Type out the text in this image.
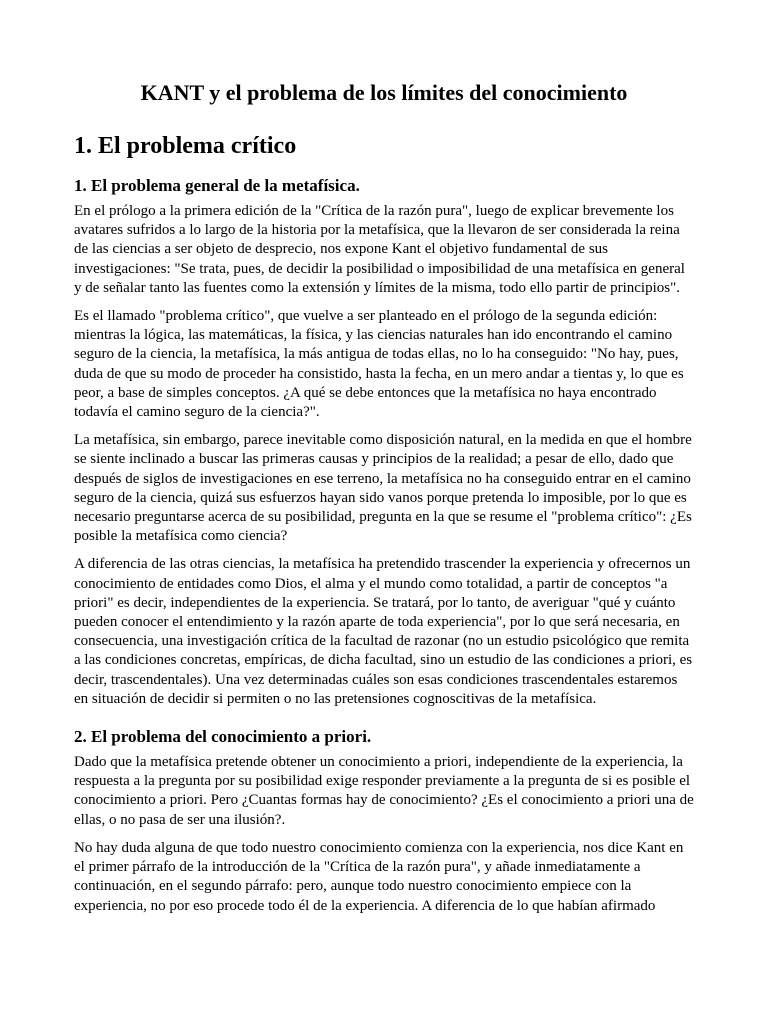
KANT y el problema de los límites del conocimiento
1. El problema crítico
1. El problema general de la metafísica.

En el prólogo a la primera edición de la "Crítica de la razón pura", luego de explicar brevemente los avatares sufridos a lo largo de la historia por la metafísica, que la llevaron de ser considerada la reina de las ciencias a ser objeto de desprecio, nos expone Kant el objetivo fundamental de sus investigaciones: "Se trata, pues, de decidir la posibilidad o imposibilidad de una metafísica en general y de señalar tanto las fuentes como la extensión y límites de la misma, todo ello partir de principios".

Es el llamado "problema crítico", que vuelve a ser planteado en el prólogo de la segunda edición: mientras la lógica, las matemáticas, la física, y las ciencias naturales han ido encontrando el camino seguro de la ciencia, la metafísica, la más antigua de todas ellas, no lo ha conseguido: "No hay, pues, duda de que su modo de proceder ha consistido, hasta la fecha, en un mero andar a tientas y, lo que es peor, a base de simples conceptos. ¿A qué se debe entonces que la metafísica no haya encontrado todavía el camino seguro de la ciencia?".

La metafísica, sin embargo, parece inevitable como disposición natural, en la medida en que el hombre se siente inclinado a buscar las primeras causas y principios de la realidad; a pesar de ello, dado que después de siglos de investigaciones en ese terreno, la metafísica no ha conseguido entrar en el camino seguro de la ciencia, quizá sus esfuerzos hayan sido vanos porque pretenda lo imposible, por lo que es necesario preguntarse acerca de su posibilidad, pregunta en la que se resume el "problema crítico": ¿Es posible la metafísica como ciencia?

A diferencia de las otras ciencias, la metafísica ha pretendido trascender la experiencia y ofrecernos un conocimiento de entidades como Dios, el alma y el mundo como totalidad, a partir de conceptos "a priori" es decir, independientes de la experiencia. Se tratará, por lo tanto, de averiguar "qué y cuánto pueden conocer el entendimiento y la razón aparte de toda experiencia", por lo que será necesaria, en consecuencia, una investigación crítica de la facultad de razonar (no un estudio psicológico que remita a las condiciones concretas, empíricas, de dicha facultad, sino un estudio de las condiciones a priori, es decir, trascendentales). Una vez determinadas cuáles son esas condiciones trascendentales estaremos en situación de decidir si permiten o no las pretensiones cognoscitivas de la metafísica.

2. El problema del conocimiento a priori.

Dado que la metafísica pretende obtener un conocimiento a priori, independiente de la experiencia, la respuesta a la pregunta por su posibilidad exige responder previamente a la pregunta de si es posible el conocimiento a priori. Pero ¿Cuantas formas hay de conocimiento? ¿Es el conocimiento a priori una de ellas, o no pasa de ser una ilusión?.

No hay duda alguna de que todo nuestro conocimiento comienza con la experiencia, nos dice Kant en el primer párrafo de la introducción de la "Crítica de la razón pura", y añade inmediatamente a continuación, en el segundo párrafo: pero, aunque todo nuestro conocimiento empiece con la experiencia, no por eso procede todo él de la experiencia. A diferencia de lo que habían afirmado
